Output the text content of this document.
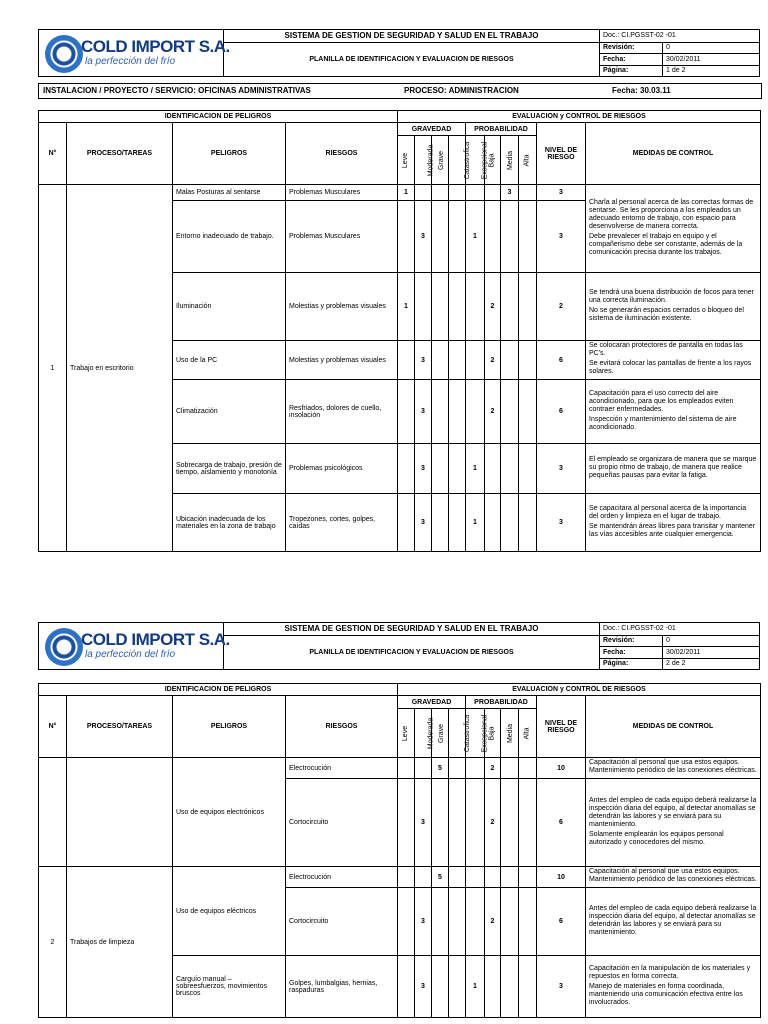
COLD IMPORT S.A.
la perfección del frío	SISTEMA DE GESTION DE SEGURIDAD Y SALUD EN EL TRABAJO	Doc.: CI.PGSST-02 -01	
	PLANILLA DE IDENTIFICACION Y EVALUACION DE RIESGOS	Revisión:	0
		Fecha:	30/02/2011
		Página:	1 de 2
INSTALACION / PROYECTO / SERVICIO: OFICINAS ADMINISTRATIVAS	PROCESO: ADMINISTRACION	Fecha: 30.03.11
IDENTIFICACION DE PELIGROS				EVALUACION y CONTROL DE RIESGOS									
N°	PROCESO/TAREAS	PELIGROS	RIESGOS	GRAVEDAD				PROBABILIDAD				NIVEL DE RIESGO	MEDIDAS DE CONTROL
				Leve	Moderada	Grave	Catastrofica	Excepcional	Baja	Media	Alta		
1	Trabajo en escritorio	Malas Posturas al sentarse	Problemas Musculares	1						3		3	Charla al personal acerca de las correctas formas de sentarse. Se les proporciona a los empleados un adecuado entorno de trabajo, con espacio para desenvolverse de manera correcta.

Debe prevalecer el trabajo en equipo y el compañerismo debe ser constante, además de la comunicación precisa durante los trabajos.

		Entorno inadecuado de trabajo.	Problemas Musculares		3			1				3	
		Iluminación	Molestias y problemas visuales	1					2			2	Se tendrá una buena distribución de focos para tener una correcta iluminación.

No se generarán espacios cerrados o bloqueo del sistema de iluminación existente.

		Uso de la PC	Molestias y problemas visuales		3				2			6	Se colocaran protectores de pantalla en todas las PC's.

Se evitará colocar las pantallas de frente a los rayos solares.

		Climatización	Resfriados, dolores de cuello, insolación		3				2			6	Capacitación para el uso correcto del aire acondicionado, para que los empleados eviten contraer enfermedades.

Inspección y mantenimiento del sistema de aire acondicionado.

		Sobrecarga de trabajo, presión de tiempo, aislamiento y monotonía	Problemas psicológicos		3			1				3	El empleado se organizara de manera que se marque su propio ritmo de trabajo, de manera que realice pequeñas pausas para evitar la fatiga.

		Ubicación inadecuada de los materiales en la zona de trabajo	Tropezones, cortes, golpes, caídas		3			1				3	Se capacitara al personal acerca de la importancia del orden y limpieza en el lugar de trabajo.

Se mantendrán áreas libres para transitar y mantener las vías accesibles ante cualquier emergencia.

COLD IMPORT S.A.
la perfección del frío	SISTEMA DE GESTION DE SEGURIDAD Y SALUD EN EL TRABAJO	Doc.: CI.PGSST-02 -01	
	PLANILLA DE IDENTIFICACION Y EVALUACION DE RIESGOS	Revisión:	0
		Fecha:	30/02/2011
		Página:	2 de 2
IDENTIFICACION DE PELIGROS				EVALUACION y CONTROL DE RIESGOS									
N°	PROCESO/TAREAS	PELIGROS	RIESGOS	GRAVEDAD				PROBABILIDAD				NIVEL DE RIESGO	MEDIDAS DE CONTROL
				Leve	Moderada	Grave	Catastrofica	Excepcional	Baja	Media	Alta		
		Uso de equipos electrónicos	Electrocución			5			2			10	Capacitación al personal que usa estos equipos. Mantenimiento periódico de las conexiones eléctricas.

			Cortocircuito		3				2			6	Antes del empleo de cada equipo deberá realizarse la inspección diaria del equipo, al detectar anomalías se detendrán las labores y se enviará para su mantenimiento.

Solamente emplearán los equipos personal autorizado y conocedores del mismo.

2	Trabajos de limpieza	Uso de equipos eléctricos	Electrocución			5						10	Capacitación al personal que usa estos equipos. Mantenimiento periódico de las conexiones eléctricas.

			Cortocircuito		3				2			6	Antes del empleo de cada equipo deberá realizarse la inspección diaria del equipo, al detectar anomalías se detendrán las labores y se enviará para su mantenimiento.

		Carguío manual – sobreesfuerzos, movimientos bruscos	Golpes, lumbalgias, hernias, raspaduras		3			1				3	Capacitación en la manipulación de los materiales y repuestos en forma correcta.

Manejo de materiales en forma coordinada, manteniendo una comunicación efectiva entre los involucrados.
